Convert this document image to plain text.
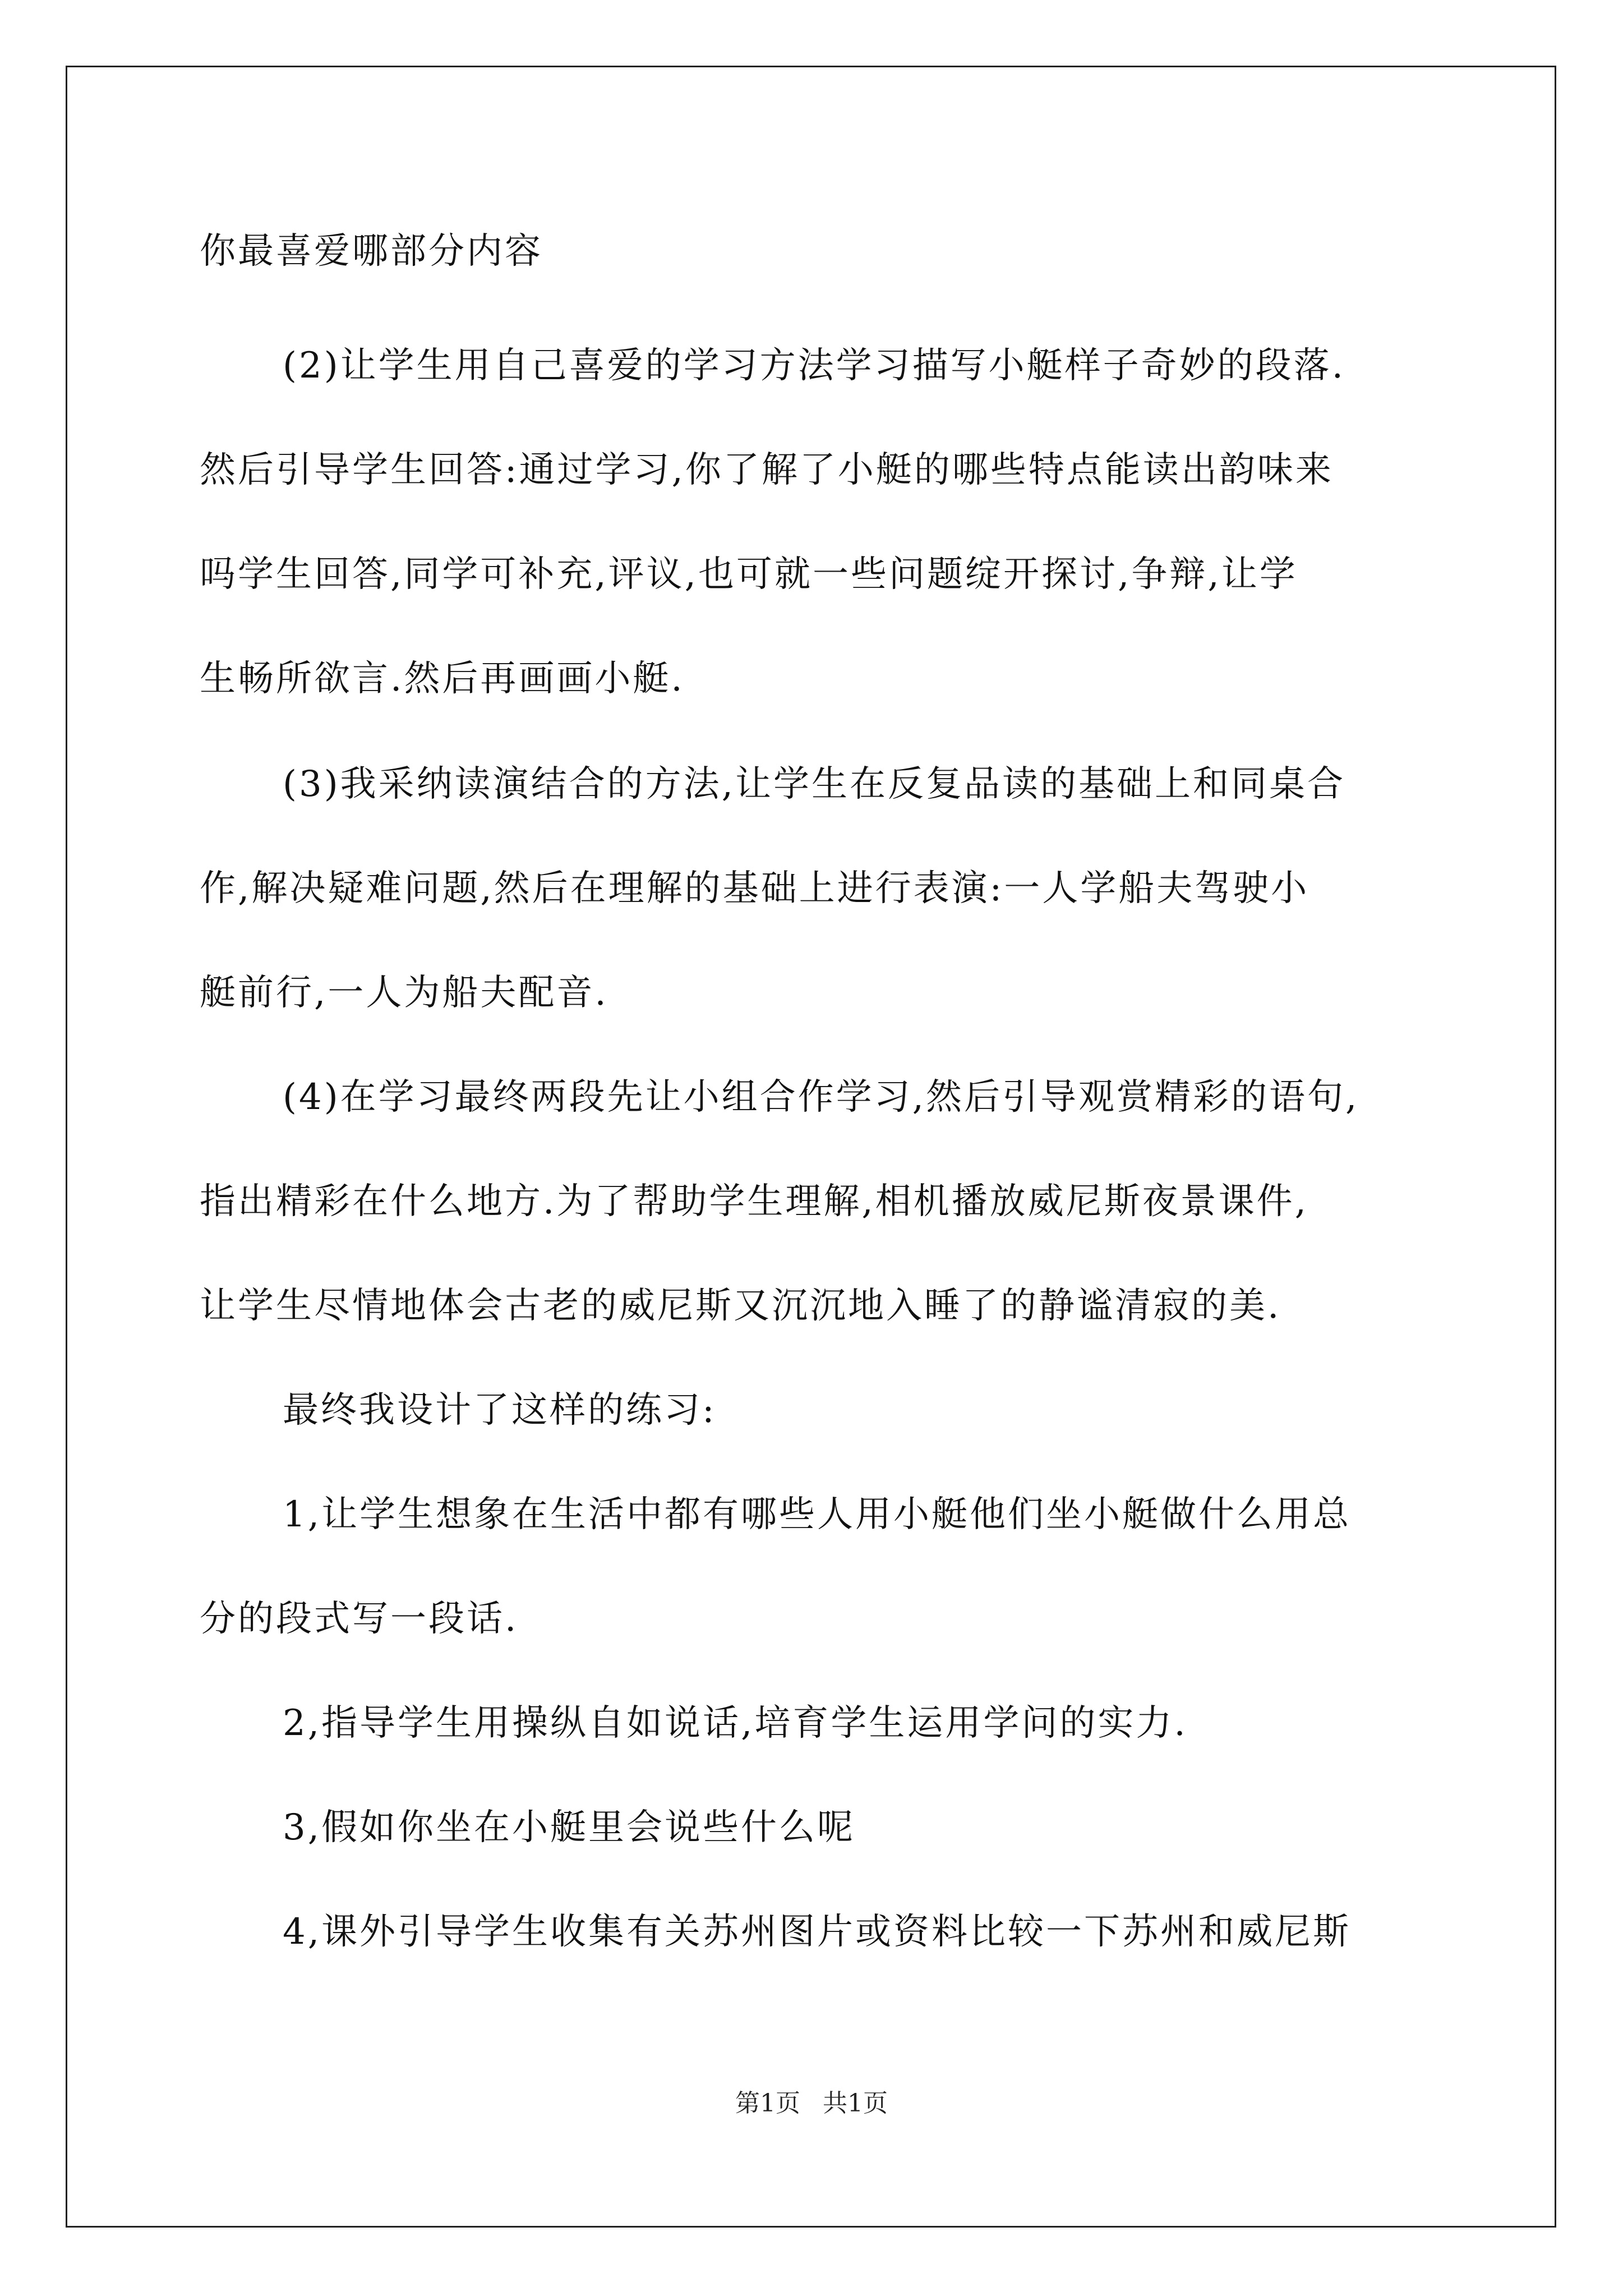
你最喜爱哪部分内容
(2)让学生用自己喜爱的学习方法学习描写小艇样子奇妙的段落.
然后引导学生回答:通过学习,你了解了小艇的哪些特点能读出韵味来
吗学生回答,同学可补充,评议,也可就一些问题绽开探讨,争辩,让学
生畅所欲言.然后再画画小艇.
(3)我采纳读演结合的方法,让学生在反复品读的基础上和同桌合
作,解决疑难问题,然后在理解的基础上进行表演:一人学船夫驾驶小
艇前行,一人为船夫配音.
(4)在学习最终两段先让小组合作学习,然后引导观赏精彩的语句,
指出精彩在什么地方.为了帮助学生理解,相机播放威尼斯夜景课件,
让学生尽情地体会古老的威尼斯又沉沉地入睡了的静谧清寂的美.
最终我设计了这样的练习:
1,让学生想象在生活中都有哪些人用小艇他们坐小艇做什么用总
分的段式写一段话.
2,指导学生用操纵自如说话,培育学生运用学问的实力.
3,假如你坐在小艇里会说些什么呢
4,课外引导学生收集有关苏州图片或资料比较一下苏州和威尼斯
第1页 共1页
